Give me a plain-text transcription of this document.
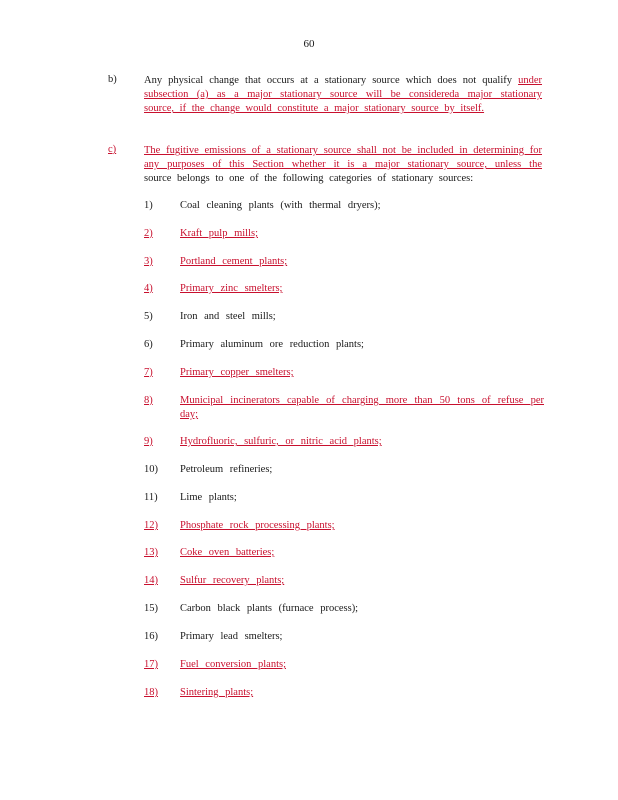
60
b)	Any physical change that occurs at a stationary source which does not qualify under subsection (a) as a major stationary source will be considereda major stationary source, if the change would constitute a major stationary source by itself.
c)	The fugitive emissions of a stationary source shall not be included in determining for any purposes of this Section whether it is a major stationary source, unless the source belongs to one of the following categories of stationary sources:
1)	Coal cleaning plants (with thermal dryers);
2)	Kraft pulp mills;
3)	Portland cement plants;
4)	Primary zinc smelters;
5)	Iron and steel mills;
6)	Primary aluminum ore reduction plants;
7)	Primary copper smelters;
8)	Municipal incinerators capable of charging more than 50 tons of refuse per day;
9)	Hydrofluoric, sulfuric, or nitric acid plants;
10) Petroleum refineries;
11) Lime plants;
12) Phosphate rock processing plants;
13) Coke oven batteries;
14) Sulfur recovery plants;
15) Carbon black plants (furnace process);
16) Primary lead smelters;
17) Fuel conversion plants;
18) Sintering plants;
